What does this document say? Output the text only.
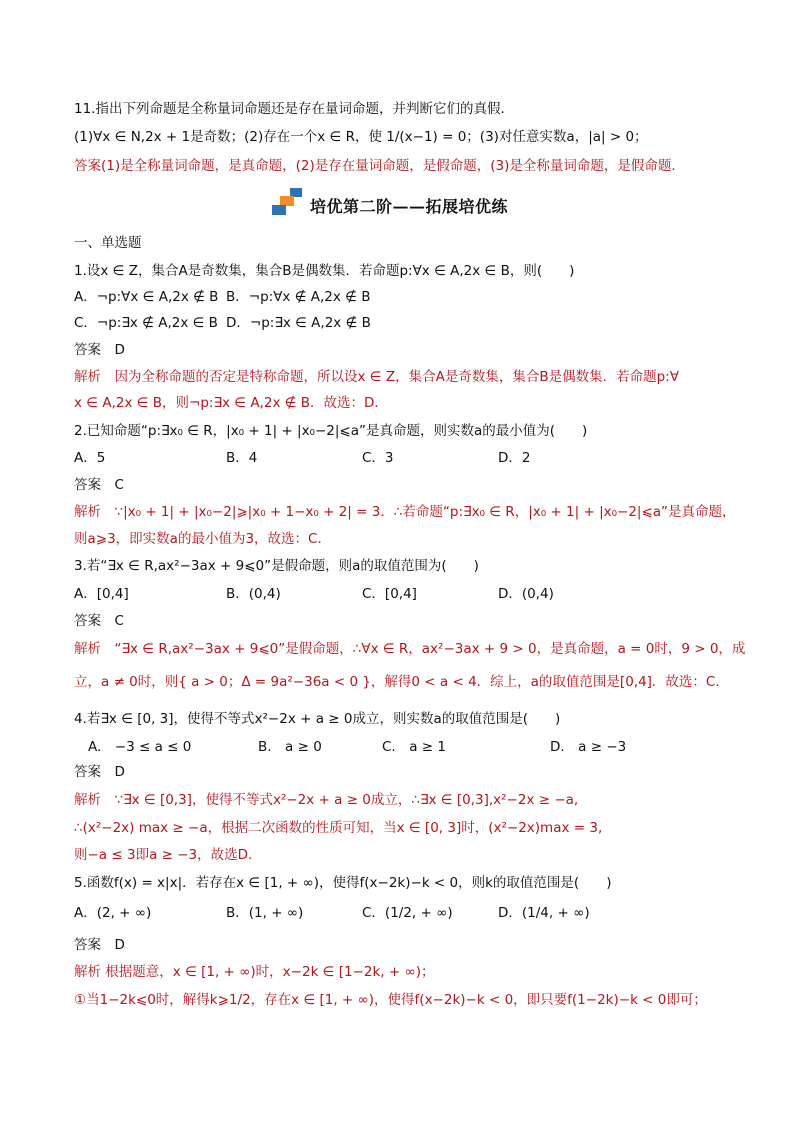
11.指出下列命题是全称量词命题还是存在量词命题，并判断它们的真假．
(1)∀x ∈ N,2x + 1是奇数；(2)存在一个x ∈ R，使 1/(x−1) = 0；(3)对任意实数a，|a| > 0；
答案(1)是全称量词命题，是真命题，(2)是存在量词命题，是假命题，(3)是全称量词命题，是假命题．
培优第二阶——拓展培优练
一、单选题
1.设x ∈ Z，集合A是奇数集，集合B是偶数集．若命题p:∀x ∈ A,2x ∈ B，则(　　)
A．¬p:∀x ∈ A,2x ∉ B B．¬p:∀x ∉ A,2x ∉ B
C．¬p:∃x ∉ A,2x ∈ B D．¬p:∃x ∈ A,2x ∉ B
答案　D
解析　因为全称命题的否定是特称命题，所以设x ∈ Z，集合A是奇数集，集合B是偶数集．若命题p:∀
x ∈ A,2x ∈ B，则¬p:∃x ∈ A,2x ∉ B．故选：D．
2.已知命题“p:∃x₀ ∈ R，|x₀ + 1| + |x₀−2|⩽a”是真命题，则实数a的最小值为(　　)
A．5	B．4	C．3	D．2
答案　C
解析　∵|x₀ + 1| + |x₀−2|⩾|x₀ + 1−x₀ + 2| = 3．∴若命题“p:∃x₀ ∈ R，|x₀ + 1| + |x₀−2|⩽a”是真命题，
则a⩾3，即实数a的最小值为3，故选：C．
3.若“∃x ∈ R,ax²−3ax + 9⩽0”是假命题，则a的取值范围为(　　)
A．[0,4]	B．(0,4)	C．[0,4]	D．(0,4)
答案　C
解析　“∃x ∈ R,ax²−3ax + 9⩽0”是假命题，∴∀x ∈ R，ax²−3ax + 9 > 0，是真命题，a = 0时，9 > 0，成
立，a ≠ 0时，则{ a > 0；Δ = 9a²−36a < 0 }，解得0 < a < 4．综上，a的取值范围是[0,4]．故选：C．
4.若∃x ∈ [0, 3]，使得不等式x²−2x + a ≥ 0成立，则实数a的取值范围是(　　)
A.　−3 ≤ a ≤ 0	B.　a ≥ 0	C.　a ≥ 1	D.　a ≥ −3
答案　D
解析　∵∃x ∈ [0,3]，使得不等式x²−2x + a ≥ 0成立，∴∃x ∈ [0,3],x²−2x ≥ −a,
∴(x²−2x) max ≥ −a，根据二次函数的性质可知，当x ∈ [0, 3]时，(x²−2x)max = 3,
则−a ≤ 3即a ≥ −3，故选D.
5.函数f(x) = x|x|．若存在x ∈ [1, + ∞)，使得f(x−2k)−k < 0，则k的取值范围是(　　)
A．(2, + ∞)	B．(1, + ∞)	C．(1/2, + ∞)	D．(1/4, + ∞)
答案　D
解析 根据题意，x ∈ [1, + ∞)时，x−2k ∈ [1−2k, + ∞)；
①当1−2k⩽0时，解得k⩾1/2，存在x ∈ [1, + ∞)，使得f(x−2k)−k < 0，即只要f(1−2k)−k < 0即可；
